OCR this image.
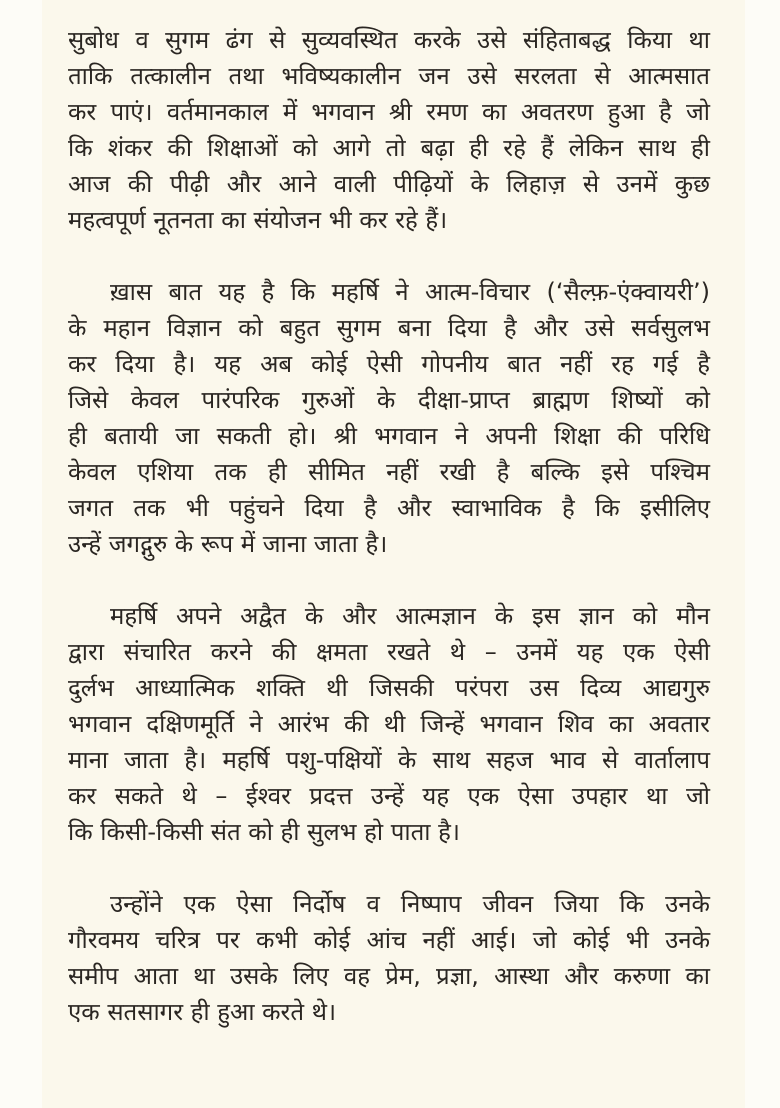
सुबोध व सुगम ढंग से सुव्यवस्थित करके उसे संहिताबद्ध किया था
ताकि तत्कालीन तथा भविष्यकालीन जन उसे सरलता से आत्मसात
कर पाएं। वर्तमानकाल में भगवान श्री रमण का अवतरण हुआ है जो
कि शंकर की शिक्षाओं को आगे तो बढ़ा ही रहे हैं लेकिन साथ ही
आज की पीढ़ी और आने वाली पीढ़ियों के लिहाज़ से उनमें कुछ
महत्वपूर्ण नूतनता का संयोजन भी कर रहे हैं।
ख़ास बात यह है कि महर्षि ने आत्म-विचार (‘सैल्फ़-एंक्वायरी’)
के महान विज्ञान को बहुत सुगम बना दिया है और उसे सर्वसुलभ
कर दिया है। यह अब कोई ऐसी गोपनीय बात नहीं रह गई है
जिसे केवल पारंपरिक गुरुओं के दीक्षा-प्राप्त ब्राह्मण शिष्यों को
ही बतायी जा सकती हो। श्री भगवान ने अपनी शिक्षा की परिधि
केवल एशिया तक ही सीमित नहीं रखी है बल्कि इसे पश्चिम
जगत तक भी पहुंचने दिया है और स्वाभाविक है कि इसीलिए
उन्हें जगद्गुरु के रूप में जाना जाता है।
महर्षि अपने अद्वैत के और आत्मज्ञान के इस ज्ञान को मौन
द्वारा संचारित करने की क्षमता रखते थे – उनमें यह एक ऐसी
दुर्लभ आध्यात्मिक शक्ति थी जिसकी परंपरा उस दिव्य आद्यगुरु
भगवान दक्षिणमूर्ति ने आरंभ की थी जिन्हें भगवान शिव का अवतार
माना जाता है। महर्षि पशु-पक्षियों के साथ सहज भाव से वार्तालाप
कर सकते थे – ईश्वर प्रदत्त उन्हें यह एक ऐसा उपहार था जो
कि किसी-किसी संत को ही सुलभ हो पाता है।
उन्होंने एक ऐसा निर्दोष व निष्पाप जीवन जिया कि उनके
गौरवमय चरित्र पर कभी कोई आंच नहीं आई। जो कोई भी उनके
समीप आता था उसके लिए वह प्रेम, प्रज्ञा, आस्था और करुणा का
एक सतसागर ही हुआ करते थे।
